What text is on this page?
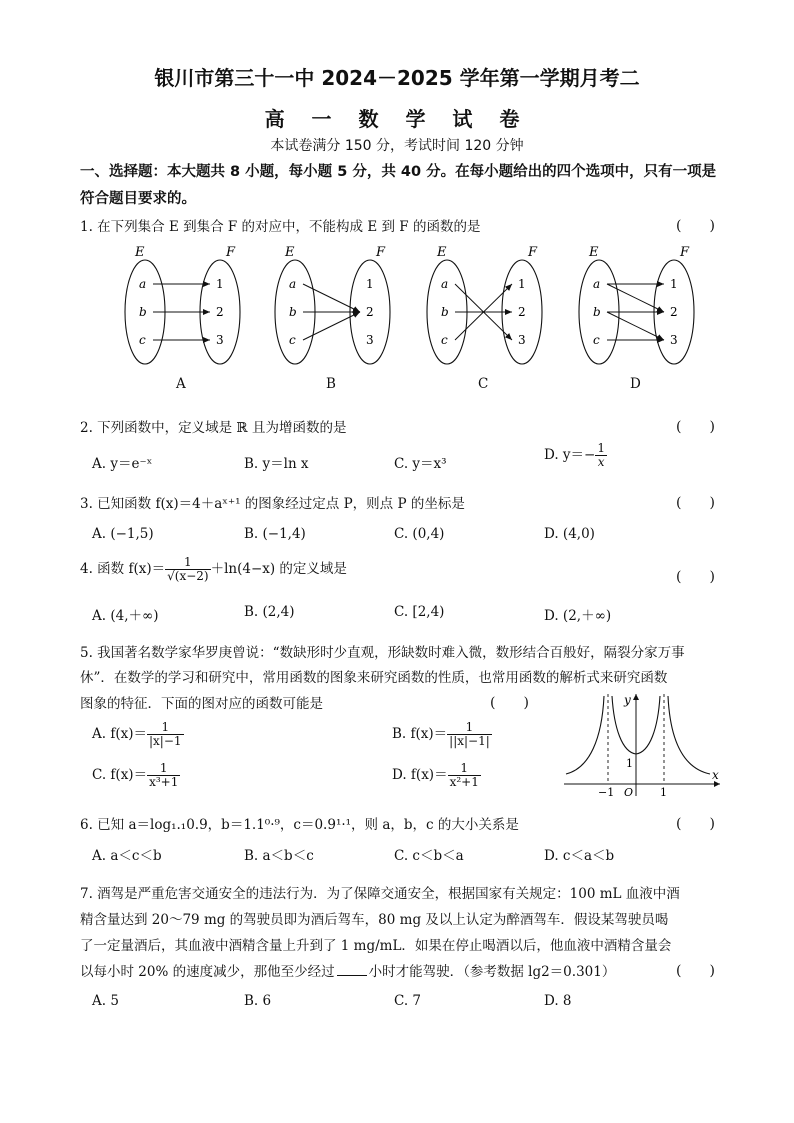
银川市第三十一中 2024－2025 学年第一学期月考二
高 一 数 学 试 卷
本试卷满分 150 分，考试时间 120 分钟
一、选择题：本大题共 8 小题，每小题 5 分，共 40 分。在每小题给出的四个选项中，只有一项是
符合题目要求的。
1. 在下列集合 E 到集合 F 的对应中，不能构成 E 到 F 的函数的是	(　　)
E	F
a	1
b	2
c	3
E	F
a	1
b	2
c	3
E	F
a	1
b	2
c	3
E	F
a	1
b	2
c	3
A	B	C	D
2. 下列函数中，定义域是 ℝ 且为增函数的是	(　　)
A. y＝e⁻ˣ	B. y＝ln x	C. y＝x³
D. $y=- \frac{1}{x}$
3. 已知函数 f(x)＝4＋aˣ⁺¹ 的图象经过定点 P，则点 P 的坐标是	(　　)
A. (−1,5)	B. (−1,4)	C. (0,4)	D. (4,0)
4. 函数 $f(x)= \frac{1}{√(x-2)} +\ln(4-x)$ 的定义域是	(　　)
A. (4,＋∞)	B. (2,4)	C. [2,4)	D. (2,＋∞)
5. 我国著名数学家华罗庚曾说：“数缺形时少直观，形缺数时难入微，数形结合百般好，隔裂分家万事
休”．在数学的学习和研究中，常用函数的图象来研究函数的性质，也常用函数的解析式来研究函数
图象的特征．下面的图对应的函数可能是	(　　)
A. $f(x)= \frac{1}{|x|-1}$	B. $f(x)= \frac{1}{||x|-1|}$
C. $f(x)= \frac{1}{\text{x³+1}}$	D. $f(x)= \frac{1}{\text{x²+1}}$	x
y
O
−1	1
1
6. 已知 a＝log₁.₁0.9，b＝1.1⁰·⁹，c＝0.9¹·¹，则 a，b，c 的大小关系是	(　　)
A. a＜c＜b	B. a＜b＜c	C. c＜b＜a	D. c＜a＜b
7. 酒驾是严重危害交通安全的违法行为．为了保障交通安全，根据国家有关规定：100 mL 血液中酒
精含量达到 20～79 mg 的驾驶员即为酒后驾车，80 mg 及以上认定为醉酒驾车．假设某驾驶员喝
了一定量酒后，其血液中酒精含量上升到了 1 mg/mL．如果在停止喝酒以后，他血液中酒精含量会
以每小时 20% 的速度减少，那他至少经过	小时才能驾驶．（参考数据 lg2＝0.301）	(　　)
A. 5	B. 6	C. 7	D. 8
